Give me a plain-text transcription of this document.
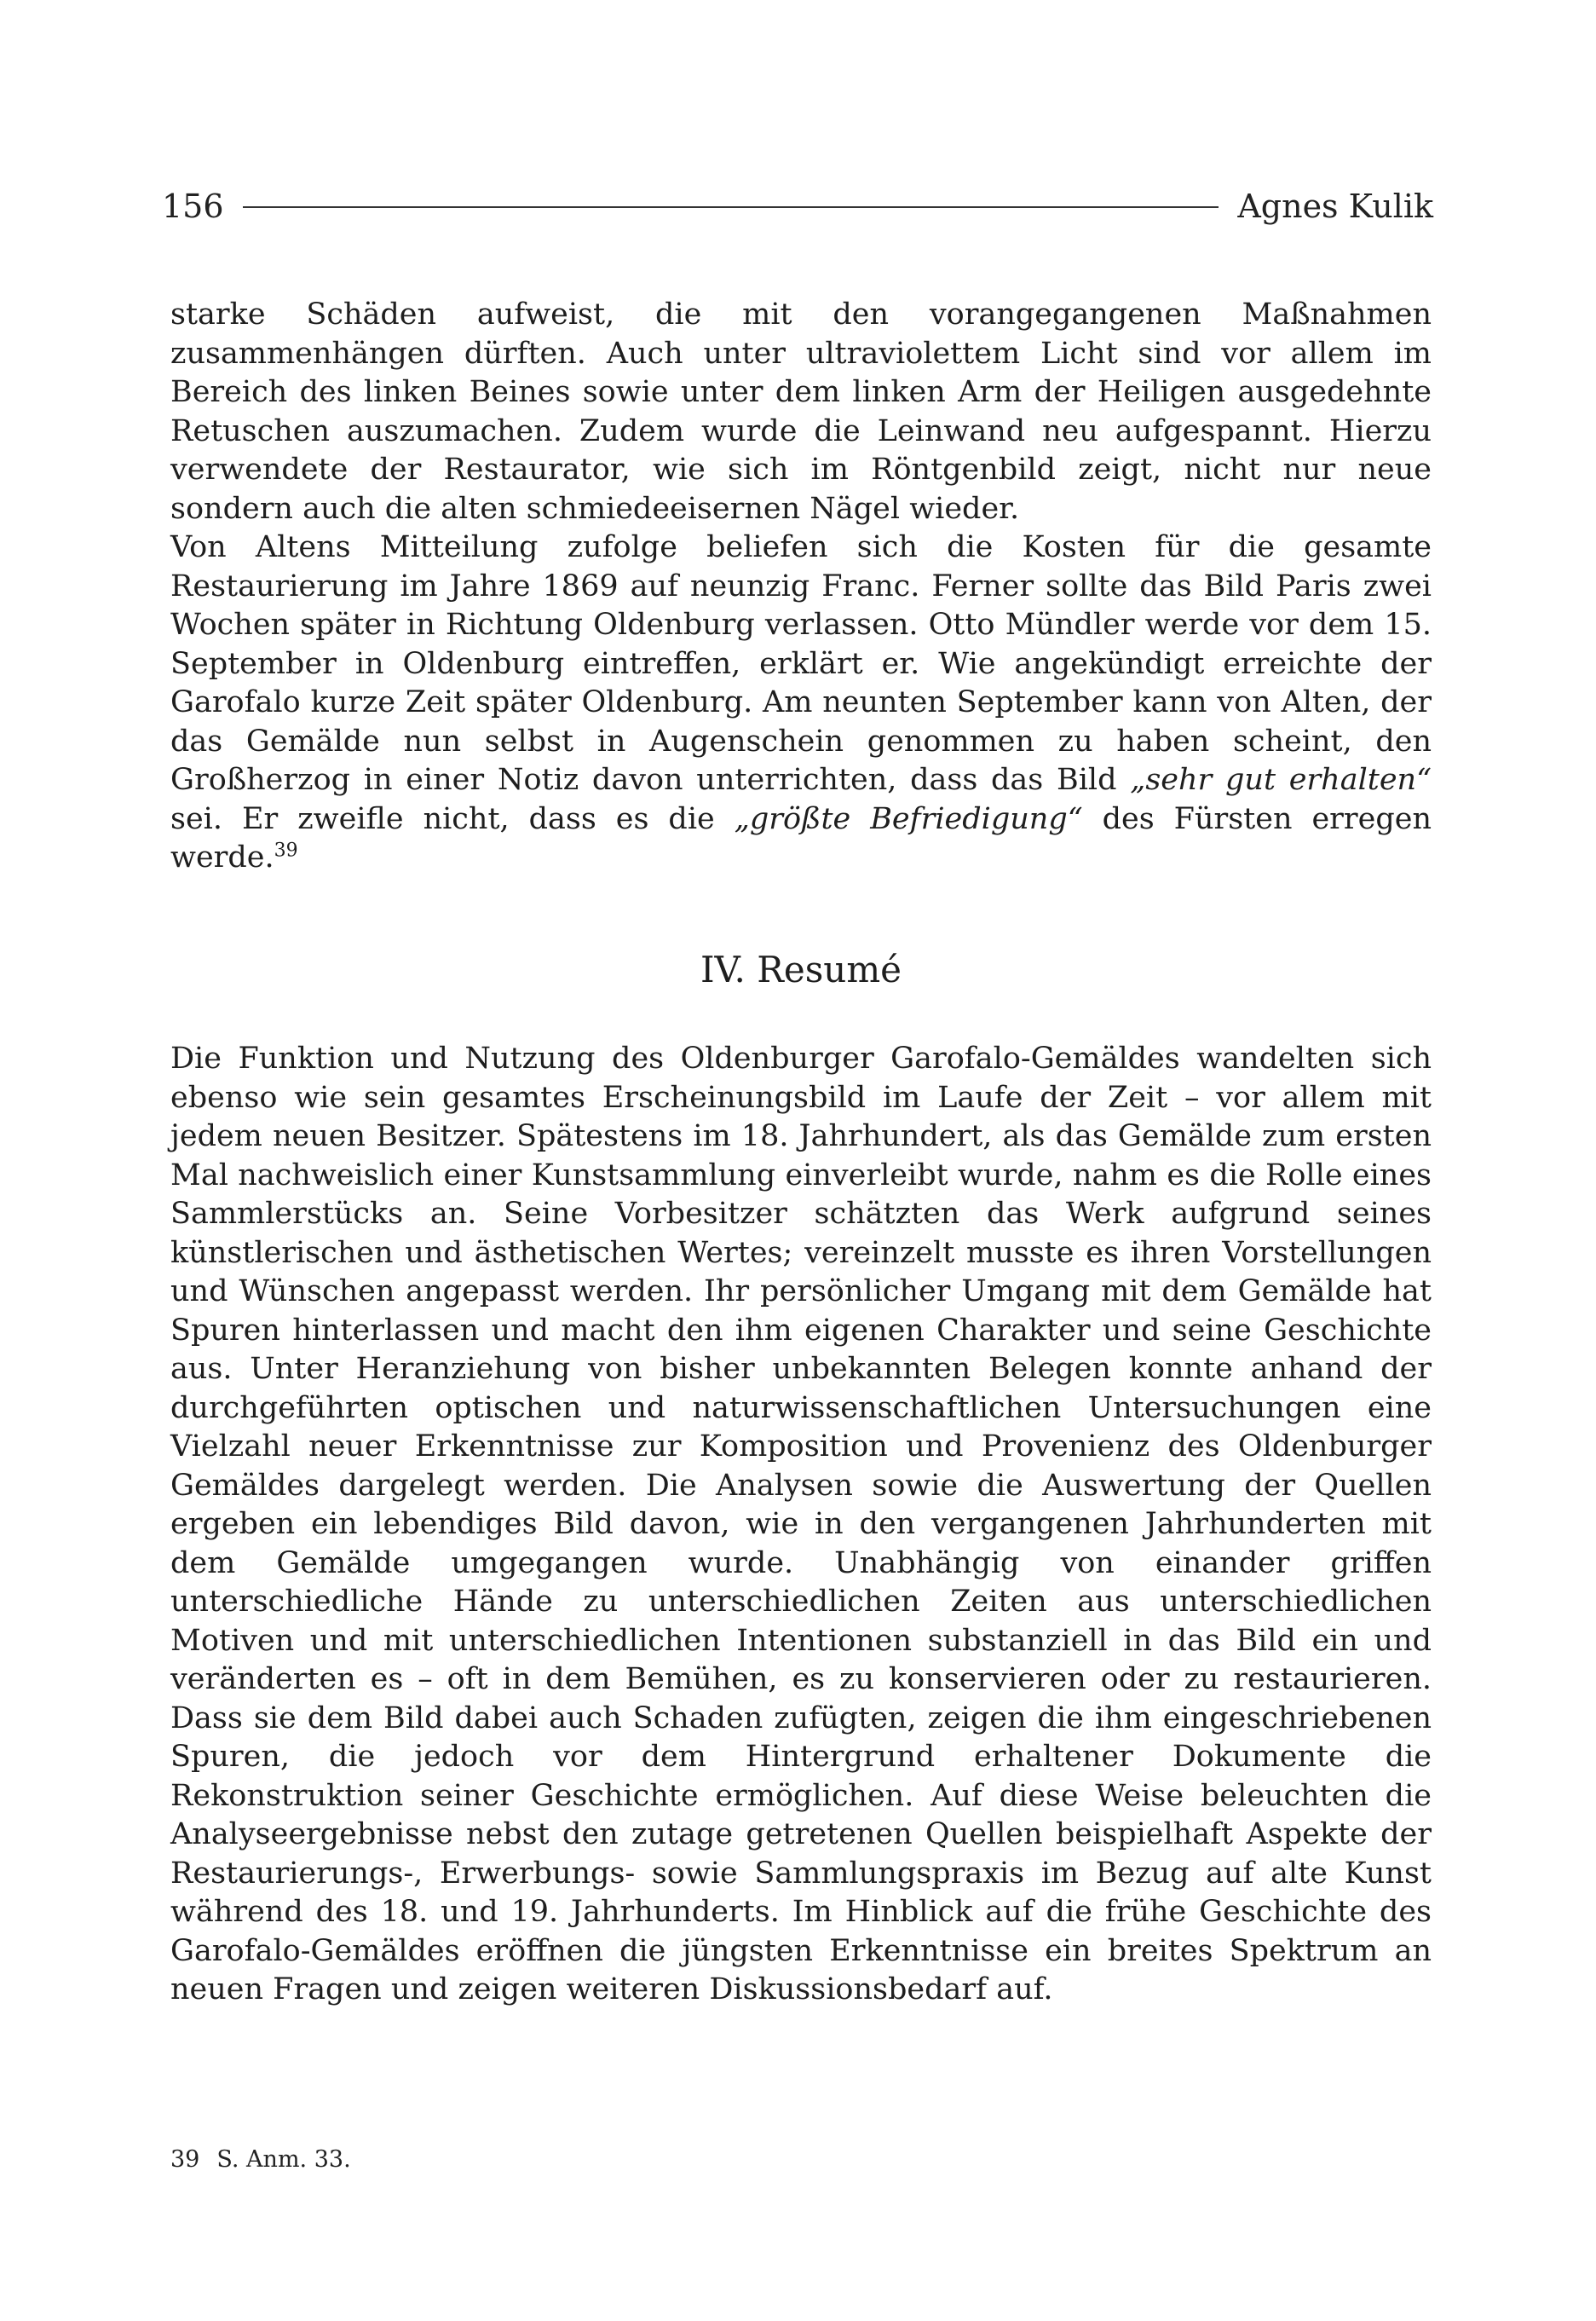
156	Agnes Kulik

starke Schäden aufweist, die mit den vorangegangenen Maßnahmen zusammenhängen dürften. Auch unter ultraviolettem Licht sind vor allem im Bereich des linken Beines sowie unter dem linken Arm der Heiligen ausgedehnte Retuschen auszumachen. Zudem wurde die Leinwand neu aufgespannt. Hierzu verwendete der Restaurator, wie sich im Röntgenbild zeigt, nicht nur neue sondern auch die alten schmiedeeisernen Nägel wieder.

Von Altens Mitteilung zufolge beliefen sich die Kosten für die gesamte Restaurierung im Jahre 1869 auf neunzig Franc. Ferner sollte das Bild Paris zwei Wochen später in Richtung Oldenburg verlassen. Otto Mündler werde vor dem 15. September in Oldenburg eintreffen, erklärt er. Wie angekündigt erreichte der Garofalo kurze Zeit später Oldenburg. Am neunten September kann von Alten, der das Gemälde nun selbst in Augenschein genommen zu haben scheint, den Großherzog in einer Notiz davon unterrichten, dass das Bild „sehr gut erhalten“ sei. Er zweifle nicht, dass es die „größte Befriedigung“ des Fürsten erregen werde.$^{39}$

IV. Resumé

Die Funktion und Nutzung des Oldenburger Garofalo-Gemäldes wandelten sich ebenso wie sein gesamtes Erscheinungsbild im Laufe der Zeit – vor allem mit jedem neuen Besitzer. Spätestens im 18. Jahrhundert, als das Gemälde zum ersten Mal nachweislich einer Kunstsammlung einverleibt wurde, nahm es die Rolle eines Sammlerstücks an. Seine Vorbesitzer schätzten das Werk aufgrund seines künstlerischen und ästhetischen Wertes; vereinzelt musste es ihren Vorstellungen und Wünschen angepasst werden. Ihr persönlicher Umgang mit dem Gemälde hat Spuren hinterlassen und macht den ihm eigenen Charakter und seine Geschichte aus. Unter Heranziehung von bisher unbekannten Belegen konnte anhand der durchgeführten optischen und naturwissenschaftlichen Untersuchungen eine Vielzahl neuer Erkenntnisse zur Komposition und Provenienz des Oldenburger Gemäldes dargelegt werden. Die Analysen sowie die Auswertung der Quellen ergeben ein lebendiges Bild davon, wie in den vergangenen Jahrhunderten mit dem Gemälde umgegangen wurde. Unabhängig von einander griffen unterschiedliche Hände zu unterschiedlichen Zeiten aus unterschiedlichen Motiven und mit unterschiedlichen Intentionen substanziell in das Bild ein und veränderten es – oft in dem Bemühen, es zu konservieren oder zu restaurieren. Dass sie dem Bild dabei auch Schaden zufügten, zeigen die ihm eingeschriebenen Spuren, die jedoch vor dem Hintergrund erhaltener Dokumente die Rekonstruktion seiner Geschichte ermöglichen. Auf diese Weise beleuchten die Analyseergebnisse nebst den zutage getretenen Quellen beispielhaft Aspekte der Restaurierungs-, Erwerbungs- sowie Sammlungspraxis im Bezug auf alte Kunst während des 18. und 19. Jahrhunderts. Im Hinblick auf die frühe Geschichte des Garofalo-Gemäldes eröffnen die jüngsten Erkenntnisse ein breites Spektrum an neuen Fragen und zeigen weiteren Diskussionsbedarf auf.

39 S. Anm. 33.
